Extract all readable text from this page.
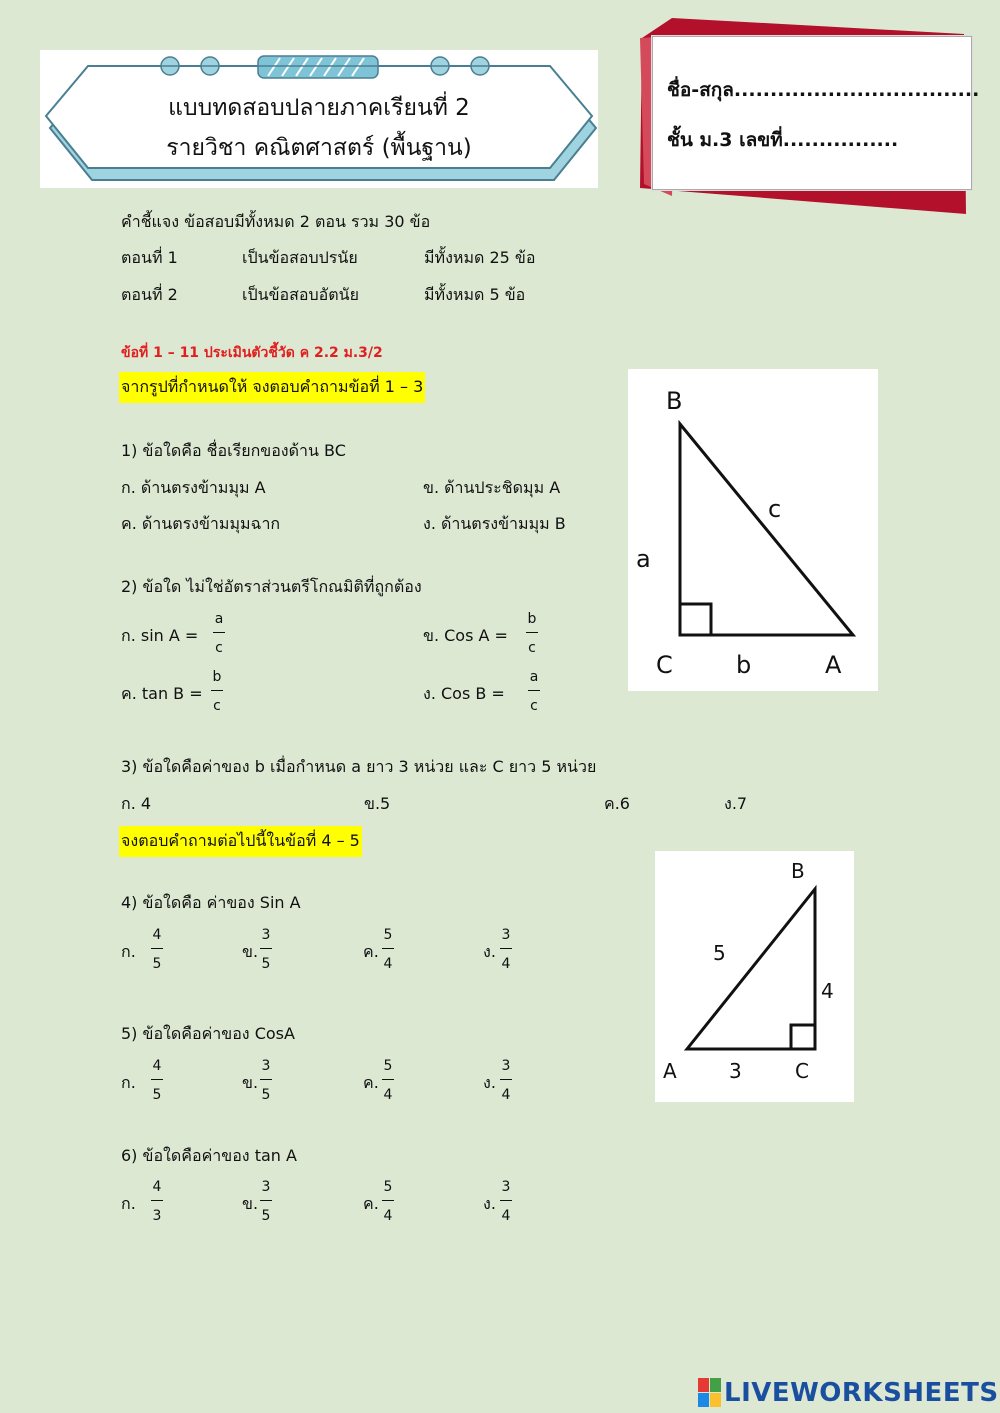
แบบทดสอบปลายภาคเรียนที่ 2
รายวิชา คณิตศาสตร์ (พื้นฐาน)
ชื่อ-สกุล..................................
ชั้น ม.3 เลขที่................
คำชี้แจง ข้อสอบมีทั้งหมด 2 ตอน รวม 30 ข้อ
ตอนที่ 1	เป็นข้อสอบปรนัย	มีทั้งหมด 25 ข้อ
ตอนที่ 2	เป็นข้อสอบอัตนัย	มีทั้งหมด 5 ข้อ
ข้อที่ 1 – 11 ประเมินตัวชี้วัด ค 2.2 ม.3/2
จากรูปที่กำหนดให้ จงตอบคำถามข้อที่ 1 – 3
B
C	A
a
b
c
1) ข้อใดคือ ชื่อเรียกของด้าน BC
ก. ด้านตรงข้ามมุม A	ข. ด้านประชิดมุม A
ค. ด้านตรงข้ามมุมฉาก	ง. ด้านตรงข้ามมุม B
2) ข้อใด ไม่ใช่อัตราส่วนตรีโกณมิติที่ถูกต้อง
ก. $\sin A = \frac{a}{c}$	ข. Cos $A = \frac{b}{c}$
ค. $\tan B = \frac{b}{c}$	ง. Cos $B = \frac{a}{c}$
3) ข้อใดคือค่าของ b เมื่อกำหนด a ยาว 3 หน่วย และ C ยาว 5 หน่วย
ก. 4	ข.5	ค.6	ง.7
จงตอบคำถามต่อไปนี้ในข้อที่ 4 – 5
B
A	C
5
3
4
4) ข้อใดคือ ค่าของ Sin A
ก. $\frac{4}{5}$	ข. $\frac{3}{5}$	ค. $\frac{5}{4}$	ง. $\frac{3}{4}$
5) ข้อใดคือค่าของ CosA
ก. $\frac{4}{5}$	ข. $\frac{3}{5}$	ค. $\frac{5}{4}$	ง. $\frac{3}{4}$
6) ข้อใดคือค่าของ tan A
ก. $\frac{4}{3}$	ข. $\frac{3}{5}$	ค. $\frac{5}{4}$	ง. $\frac{3}{4}$
LIVEWORKSHEETS
